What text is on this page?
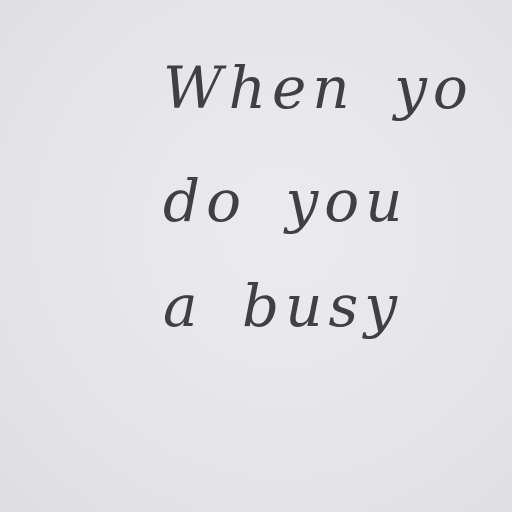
When yo

do you

a busy
